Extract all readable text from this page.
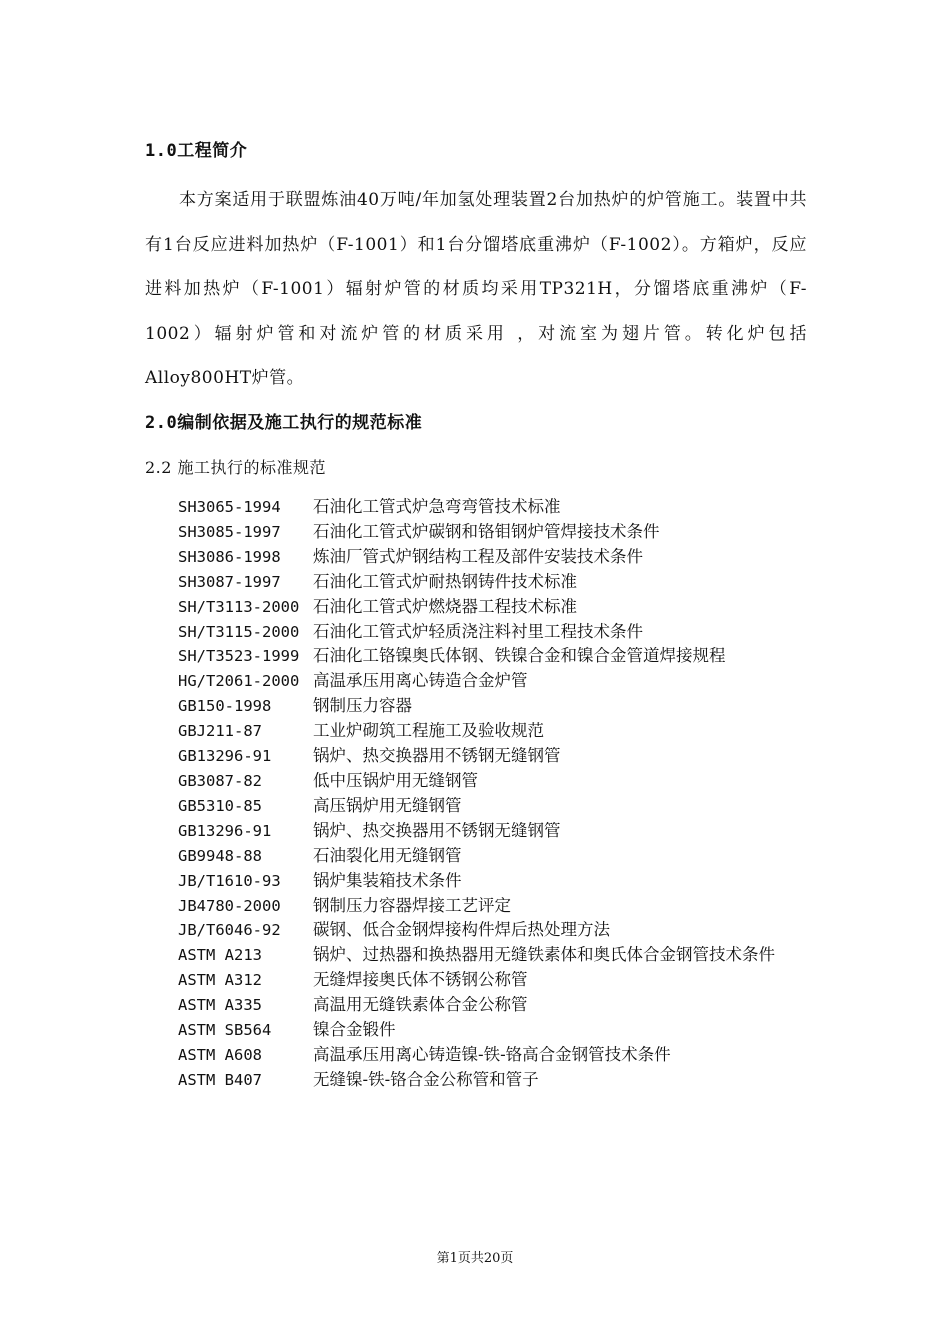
1.0工程简介

本方案适用于联盟炼油40万吨/年加氢处理装置2台加热炉的炉管施工。装置中共有1台反应进料加热炉（F-1001）和1台分馏塔底重沸炉（F-1002）。方箱炉，反应进料加热炉（F-1001）辐射炉管的材质均采用TP321H，分馏塔底重沸炉（F-1002）辐射炉管和对流炉管的材质采用 ，对流室为翅片管。转化炉包括Alloy800HT炉管。

2.0编制依据及施工执行的规范标准
2.2 施工执行的标准规范
SH3065-1994 石油化工管式炉急弯弯管技术标准
SH3085-1997 石油化工管式炉碳钢和铬钼钢炉管焊接技术条件
SH3086-1998 炼油厂管式炉钢结构工程及部件安装技术条件
SH3087-1997 石油化工管式炉耐热钢铸件技术标准
SH/T3113-2000 石油化工管式炉燃烧器工程技术标准
SH/T3115-2000 石油化工管式炉轻质浇注料衬里工程技术条件
SH/T3523-1999 石油化工铬镍奥氏体钢、铁镍合金和镍合金管道焊接规程
HG/T2061-2000 高温承压用离心铸造合金炉管
GB150-1998	钢制压力容器
GBJ211-87	工业炉砌筑工程施工及验收规范
GB13296-91	锅炉、热交换器用不锈钢无缝钢管
GB3087-82	低中压锅炉用无缝钢管
GB5310-85	高压锅炉用无缝钢管
GB13296-91	锅炉、热交换器用不锈钢无缝钢管
GB9948-88	石油裂化用无缝钢管
JB/T1610-93 锅炉集装箱技术条件
JB4780-2000 钢制压力容器焊接工艺评定
JB/T6046-92 碳钢、低合金钢焊接构件焊后热处理方法
ASTM A213	锅炉、过热器和换热器用无缝铁素体和奥氏体合金钢管技术条件
ASTM A312	无缝焊接奥氏体不锈钢公称管
ASTM A335	高温用无缝铁素体合金公称管
ASTM SB564	镍合金锻件
ASTM A608	高温承压用离心铸造镍-铁-铬高合金钢管技术条件
ASTM B407	无缝镍-铁-铬合金公称管和管子
第1页共20页
